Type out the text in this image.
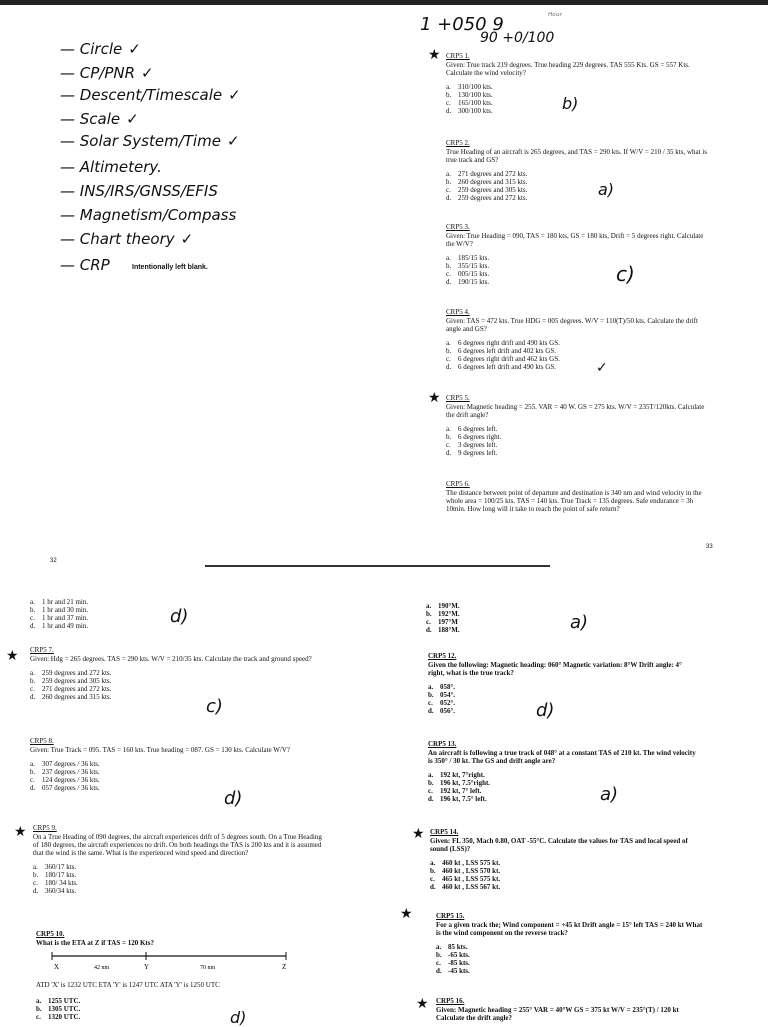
1 +050 9
90 +0/100
ᴴᵒᵘʳ
— Circle ✓
— CP/PNR ✓
— Descent/Timescale ✓
— Scale ✓
— Solar System/Time ✓
— Altimetery.
— INS/IRS/GNSS/EFIS
— Magnetism/Compass
— Chart theory ✓
— CRP	Intentionally left blank.
32
33
★ CRP5 1.
Given: True track 219 degrees. True heading 229 degrees. TAS 555 Kts. GS = 557 Kts. Calculate the wind velocity?
a. 310/100 kts.
b. 130/100 kts.
c. 165/100 kts.
d. 300/100 kts.	b)
CRP5 2.
True Heading of an aircraft is 265 degrees, and TAS = 290 kts. If W/V = 210 / 35 kts, what is true track and GS?
a. 271 degrees and 272 kts.
b. 260 degrees and 315 kts.
c. 259 degrees and 305 kts.
d. 259 degrees and 272 kts.	a)
CRP5 3.
Given: True Heading = 090, TAS = 180 kts, GS = 180 kts, Drift = 5 degrees right. Calculate the W/V?
a. 185/15 kts.
b. 355/15 kts.
c. 005/15 kts.
d. 190/15 kts.	c)
CRP5 4.
Given: TAS = 472 kts. True HDG = 005 degrees. W/V = 110(T)/50 kts. Calculate the drift angle and GS?
a. 6 degrees right drift and 490 kts GS.
b. 6 degrees left drift and 402 kts GS.
c. 6 degrees right drift and 462 kts GS.
d. 6 degrees left drift and 490 kts GS.	✓
★ CRP5 5.
Given: Magnetic heading = 255. VAR = 40 W. GS = 275 kts. W/V = 235T/120kts. Calculate the drift angle?
a. 6 degrees left.
b. 6 degrees right.
c. 3 degrees left.
d. 9 degrees left.
CRP5 6.
The distance between point of departure and destination is 340 nm and wind velocity in the whole area = 100/25 kts. TAS = 140 kts. True Track = 135 degrees. Safe endurance = 3h 10min. How long will it take to reach the point of safe return?
a. 1 hr and 21 min.
b. 1 hr and 30 min.
c. 1 hr and 37 min.
d. 1 hr and 49 min.	d)
★ CRP5 7.
Given: Hdg = 265 degrees. TAS = 290 kts. W/V = 210/35 kts. Calculate the track and ground speed?
a. 259 degrees and 272 kts.
b. 259 degrees and 305 kts.
c. 271 degrees and 272 kts.
d. 260 degrees and 315 kts.	c)
CRP5 8.
Given: True Track = 095. TAS = 160 kts. True heading = 087. GS = 130 kts. Calculate W/V?
a. 307 degrees / 36 kts.
b. 237 degrees / 36 kts.
c. 124 degrees / 36 kts.
d. 057 degrees / 36 kts.	d)
★ CRP5 9.
On a True Heading of 090 degrees, the aircraft experiences drift of 5 degrees south. On a True Heading of 180 degrees, the aircraft experiences no drift. On both headings the TAS is 200 kts and it is assumed that the wind is the same. What is the experienced wind speed and direction?
a. 360/17 kts.
b. 180/17 kts.
c. 180/ 34 kts.
d. 360/34 kts.
CRP5 10.
What is the ETA at Z if TAS = 120 Kts?
X	42 nm	Y	70 nm	Z
ATD 'X' is 1232 UTC ETA 'Y' is 1247 UTC ATA 'Y' is 1250 UTC
a. 1255 UTC.
b. 1305 UTC.
c. 1320 UTC.	d)
a. 190°M.
b. 192°M.
c. 197°M
d. 188°M.	a)
CRP5 12.
Given the following: Magnetic heading: 060° Magnetic variation: 8°W Drift angle: 4° right, what is the true track?
a. 058°.
b. 054°.
c. 052°.
d. 056°.	d)
CRP5 13.
An aircraft is following a true track of 048° at a constant TAS of 210 kt. The wind velocity is 350° / 30 kt. The GS and drift angle are?
a. 192 kt, 7°right.
b. 196 kt, 7.5°right.
c. 192 kt, 7° left.
d. 196 kt, 7.5° left.	a)
★ CRP5 14.
Given: FL 350, Mach 0.80, OAT -55°C. Calculate the values for TAS and local speed of sound (LSS)?
a. 460 kt , LSS 575 kt.
b. 460 kt , LSS 570 kt.
c. 465 kt , LSS 575 kt.
d. 460 kt , LSS 567 kt.
★	CRP5 15.
For a given track the; Wind component = +45 kt Drift angle = 15° left TAS = 240 kt What is the wind component on the reverse track?
a. 85 kts.
b. -65 kts.
c. -85 kts.
d. -45 kts.
★ CRP5 16.
Given: Magnetic heading = 255° VAR = 40°W GS = 375 kt W/V = 235°(T) / 120 kt Calculate the drift angle?
